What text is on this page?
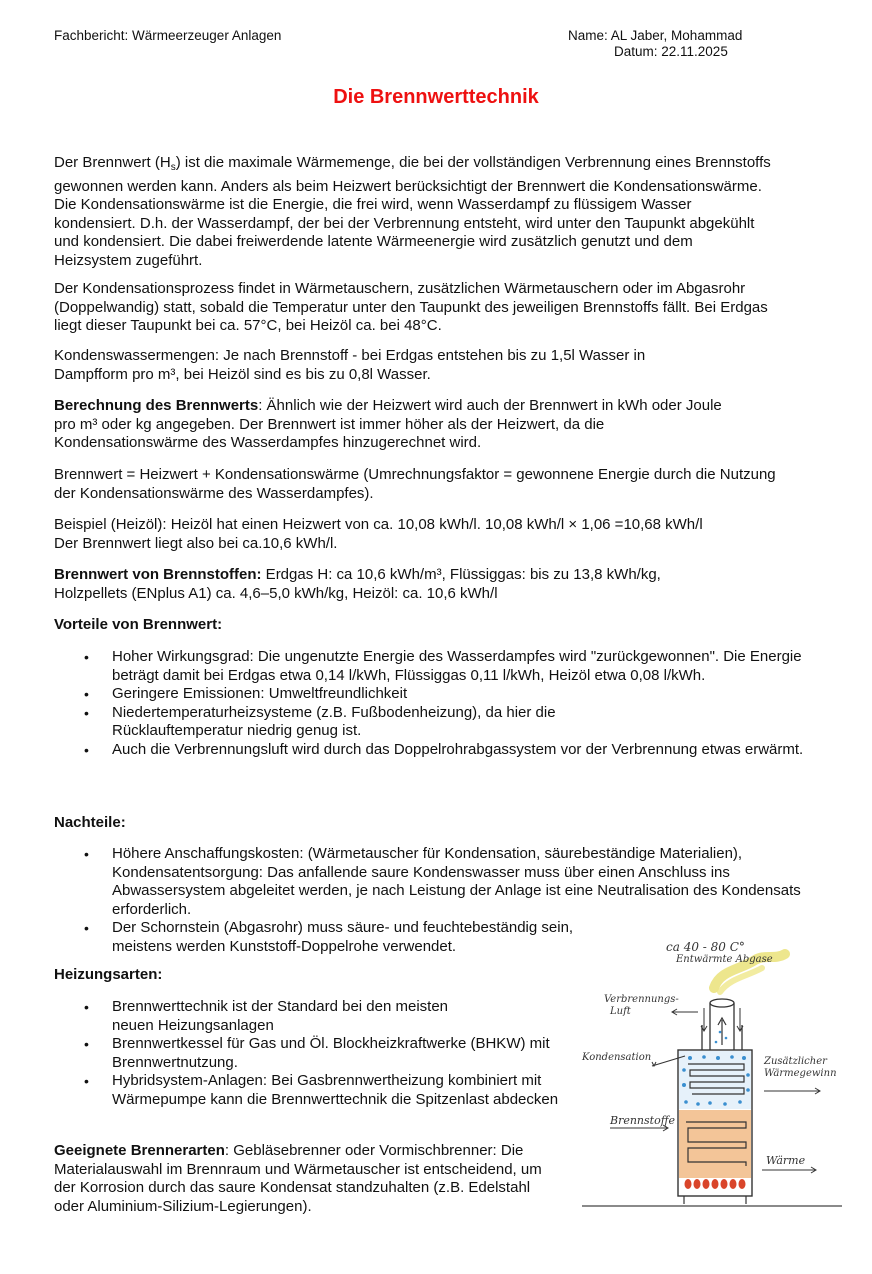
Fachbericht: Wärmeerzeuger Anlagen	Name: AL Jaber, Mohammad
Datum: 22.11.2025
Die Brennwerttechnik
Der Brennwert $(H_s)$ ist die maximale Wärmemenge, die bei der vollständigen Verbrennung eines Brennstoffs gewonnen werden kann. Anders als beim Heizwert berücksichtigt der Brennwert die Kondensationswärme. Die Kondensationswärme ist die Energie, die frei wird, wenn Wasserdampf zu flüssigem Wasser kondensiert. D.h. der Wasserdampf, der bei der Verbrennung entsteht, wird unter den Taupunkt abgekühlt und kondensiert. Die dabei freiwerdende latente Wärmeenergie wird zusätzlich genutzt und dem Heizsystem zugeführt.
Der Kondensationsprozess findet in Wärmetauschern, zusätzlichen Wärmetauschern oder im Abgasrohr (Doppelwandig) statt, sobald die Temperatur unter den Taupunkt des jeweiligen Brennstoffs fällt. Bei Erdgas liegt dieser Taupunkt bei ca. 57°C, bei Heizöl ca. bei 48°C.
Kondenswassermengen: Je nach Brennstoff - bei Erdgas entstehen bis zu 1,5l Wasser in Dampfform pro m³, bei Heizöl sind es bis zu 0,8l Wasser.
Berechnung des Brennwerts: Ähnlich wie der Heizwert wird auch der Brennwert in kWh oder Joule pro m³ oder kg angegeben. Der Brennwert ist immer höher als der Heizwert, da die Kondensationswärme des Wasserdampfes hinzugerechnet wird.
Brennwert = Heizwert + Kondensationswärme (Umrechnungsfaktor = gewonnene Energie durch die Nutzung der Kondensationswärme des Wasserdampfes).
Beispiel (Heizöl): Heizöl hat einen Heizwert von ca. 10,08 kWh/l. 10,08 kWh/l × 1,06 =10,68 kWh/l
Der Brennwert liegt also bei ca.10,6 kWh/l.
Brennwert von Brennstoffen: Erdgas H: ca 10,6 kWh/m³, Flüssiggas: bis zu 13,8 kWh/kg, Holzpellets (ENplus A1) ca. 4,6–5,0 kWh/kg, Heizöl: ca. 10,6 kWh/l
Vorteile von Brennwert:
• Hoher Wirkungsgrad: Die ungenutzte Energie des Wasserdampfes wird "zurückgewonnen". Die Energie beträgt damit bei Erdgas etwa 0,14 l/kWh, Flüssiggas 0,11 l/kWh, Heizöl etwa 0,08 l/kWh.
• Geringere Emissionen: Umweltfreundlichkeit
• Niedertemperaturheizsysteme (z.B. Fußbodenheizung), da hier die Rücklauftemperatur niedrig genug ist.
• Auch die Verbrennungsluft wird durch das Doppelrohrabgassystem vor der Verbrennung etwas erwärmt.
Nachteile:
• Höhere Anschaffungskosten: (Wärmetauscher für Kondensation, säurebeständige Materialien), Kondensatentsorgung: Das anfallende saure Kondenswasser muss über einen Anschluss ins Abwassersystem abgeleitet werden, je nach Leistung der Anlage ist eine Neutralisation des Kondensats erforderlich.
• Der Schornstein (Abgasrohr) muss säure- und feuchtebeständig sein, meistens werden Kunststoff-Doppelrohe verwendet.
Heizungsarten:
• Brennwerttechnik ist der Standard bei den meisten neuen Heizungsanlagen
• Brennwertkessel für Gas und Öl. Blockheizkraftwerke (BHKW) mit Brennwertnutzung.
• Hybridsystem-Anlagen: Bei Gasbrennwertheizung kombiniert mit Wärmepumpe kann die Brennwerttechnik die Spitzenlast abdecken
Geeignete Brennerarten: Gebläsebrenner oder Vormischbrenner: Die Materialauswahl im Brennraum und Wärmetauscher ist entscheidend, um der Korrosion durch das saure Kondensat standzuhalten (z.B. Edelstahl oder Aluminium-Silizium-Legierungen).
ca 40 - 80 C°
Entwärmte Abgase
Verbrennungs-
Luft
Kondensation	Zusätzlicher
Wärmegewinn
Brennstoffe
Wärme
